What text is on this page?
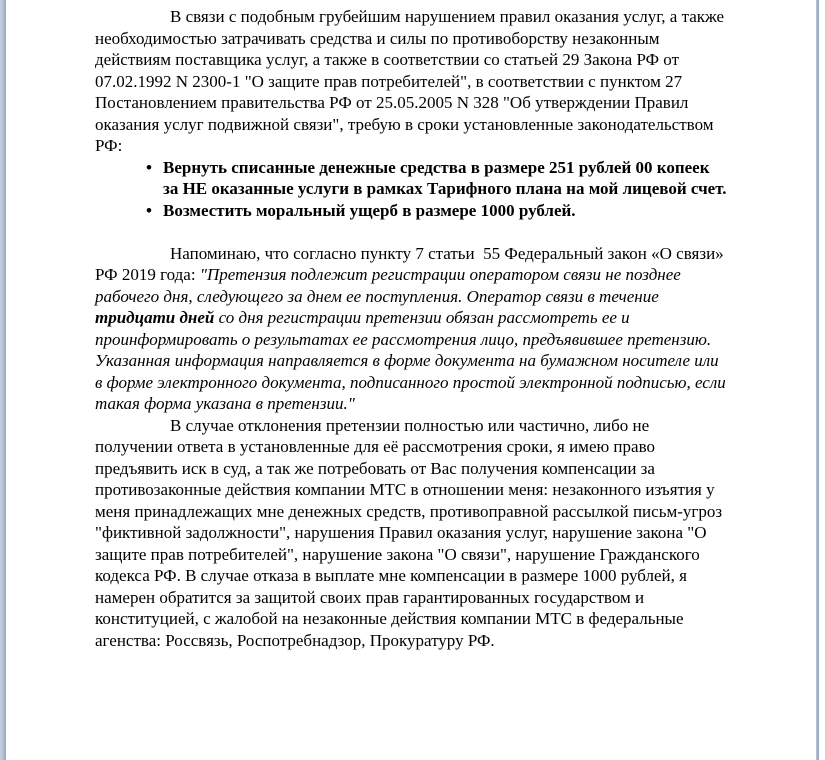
В связи с подобным грубейшим нарушением правил оказания услуг, а также необходимостью затрачивать средства и силы по противоборству незаконным действиям поставщика услуг, а также в соответствии со статьей 29 Закона РФ от 07.02.1992 N 2300-1 "О защите прав потребителей", в соответствии с пунктом 27 Постановлением правительства РФ от 25.05.2005 N 328 "Об утверждении Правил оказания услуг подвижной связи", требую в сроки установленные законодательством РФ:

• Вернуть списанные денежные средства в размере 251 рублей 00 копеек за НЕ оказанные услуги в рамках Тарифного плана на мой лицевой счет.
• Возместить моральный ущерб в размере 1000 рублей.

Напоминаю, что согласно пункту 7 статьи  55 Федеральный закон «О связи» РФ 2019 года: "Претензия подлежит регистрации оператором связи не позднее рабочего дня, следующего за днем ее поступления. Оператор связи в течение тридцати дней со дня регистрации претензии обязан рассмотреть ее и проинформировать о результатах ее рассмотрения лицо, предъявившее претензию. Указанная информация направляется в форме документа на бумажном носителе или в форме электронного документа, подписанного простой электронной подписью, если такая форма указана в претензии."

В случае отклонения претензии полностью или частично, либо не получении ответа в установленные для её рассмотрения сроки, я имею право предъявить иск в суд, а так же потребовать от Вас получения компенсации за противозаконные действия компании МТС в отношении меня: незаконного изъятия у меня принадлежащих мне денежных средств, противоправной рассылкой письм-угроз "фиктивной задолжности", нарушения Правил оказания услуг, нарушение закона "О защите прав потребителей", нарушение закона "О связи", нарушение Гражданского кодекса РФ. В случае отказа в выплате мне компенсации в размере 1000 рублей, я намерен обратится за защитой своих прав гарантированных государством и конституцией, с жалобой на незаконные действия компании МТС в федеральные агенства: Россвязь, Роспотребнадзор, Прокуратуру РФ.
